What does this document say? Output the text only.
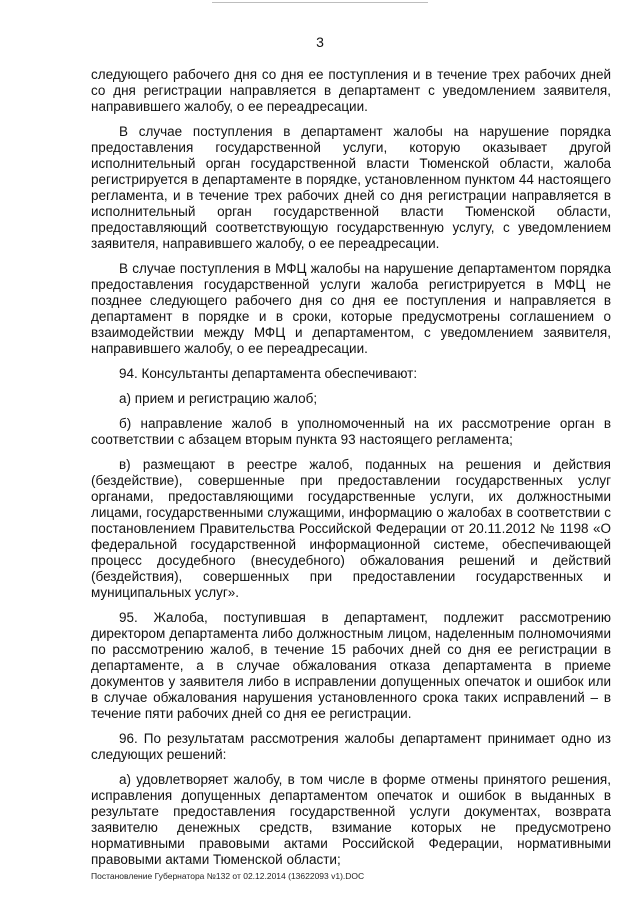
3

следующего рабочего дня со дня ее поступления и в течение трех рабочих дней со дня регистрации направляется в департамент с уведомлением заявителя, направившего жалобу, о ее переадресации.

В случае поступления в департамент жалобы на нарушение порядка предоставления государственной услуги, которую оказывает другой исполнительный орган государственной власти Тюменской области, жалоба регистрируется в департаменте в порядке, установленном пунктом 44 настоящего регламента, и в течение трех рабочих дней со дня регистрации направляется в исполнительный орган государственной власти Тюменской области, предоставляющий соответствующую государственную услугу, с уведомлением заявителя, направившего жалобу, о ее переадресации.

В случае поступления в МФЦ жалобы на нарушение департаментом порядка предоставления государственной услуги жалоба регистрируется в МФЦ не позднее следующего рабочего дня со дня ее поступления и направляется в департамент в порядке и в сроки, которые предусмотрены соглашением о взаимодействии между МФЦ и департаментом, с уведомлением заявителя, направившего жалобу, о ее переадресации.

94. Консультанты департамента обеспечивают:

а) прием и регистрацию жалоб;

б) направление жалоб в уполномоченный на их рассмотрение орган в соответствии с абзацем вторым пункта 93 настоящего регламента;

в) размещают в реестре жалоб, поданных на решения и действия (бездействие), совершенные при предоставлении государственных услуг органами, предоставляющими государственные услуги, их должностными лицами, государственными служащими, информацию о жалобах в соответствии с постановлением Правительства Российской Федерации от 20.11.2012 № 1198 «О федеральной государственной информационной системе, обеспечивающей процесс досудебного (внесудебного) обжалования решений и действий (бездействия), совершенных при предоставлении государственных и муниципальных услуг».

95. Жалоба, поступившая в департамент, подлежит рассмотрению директором департамента либо должностным лицом, наделенным полномочиями по рассмотрению жалоб, в течение 15 рабочих дней со дня ее регистрации в департаменте, а в случае обжалования отказа департамента в приеме документов у заявителя либо в исправлении допущенных опечаток и ошибок или в случае обжалования нарушения установленного срока таких исправлений – в течение пяти рабочих дней со дня ее регистрации.

96. По результатам рассмотрения жалобы департамент принимает одно из следующих решений:

а) удовлетворяет жалобу, в том числе в форме отмены принятого решения, исправления допущенных департаментом опечаток и ошибок в выданных в результате предоставления государственной услуги документах, возврата заявителю денежных средств, взимание которых не предусмотрено нормативными правовыми актами Российской Федерации, нормативными правовыми актами Тюменской области;

Постановление Губернатора №132 от 02.12.2014 (13622093 v1).DOC
